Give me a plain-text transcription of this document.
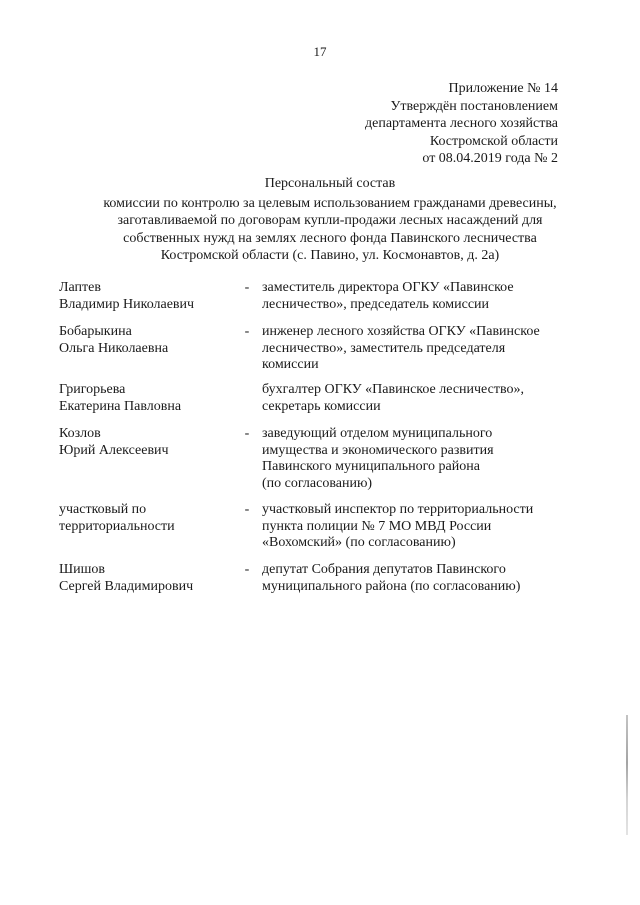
17
Приложение № 14
Утверждён постановлением
департамента лесного хозяйства
Костромской области
от 08.04.2019 года № 2
Персональный состав
комиссии по контролю за целевым использованием гражданами древесины,
заготавливаемой по договорам купли-продажи лесных насаждений для
собственных нужд на землях лесного фонда Павинского лесничества
Костромской области (с. Павино, ул. Космонавтов, д. 2а)
Лаптев
Владимир Николаевич
- заместитель директора ОГКУ «Павинское
лесничество», председатель комиссии
Бобарыкина
Ольга Николаевна
- инженер лесного хозяйства ОГКУ «Павинское
лесничество», заместитель председателя
комиссии
Григорьева
Екатерина Павловна
бухгалтер ОГКУ «Павинское лесничество»,
секретарь комиссии
Козлов
Юрий Алексеевич
- заведующий отделом муниципального
имущества и экономического развития
Павинского муниципального района
(по согласованию)
участковый по
территориальности
- участковый инспектор по территориальности
пункта полиции № 7 МО МВД России
«Вохомский» (по согласованию)
Шишов
Сергей Владимирович
- депутат Собрания депутатов Павинского
муниципального района (по согласованию)
